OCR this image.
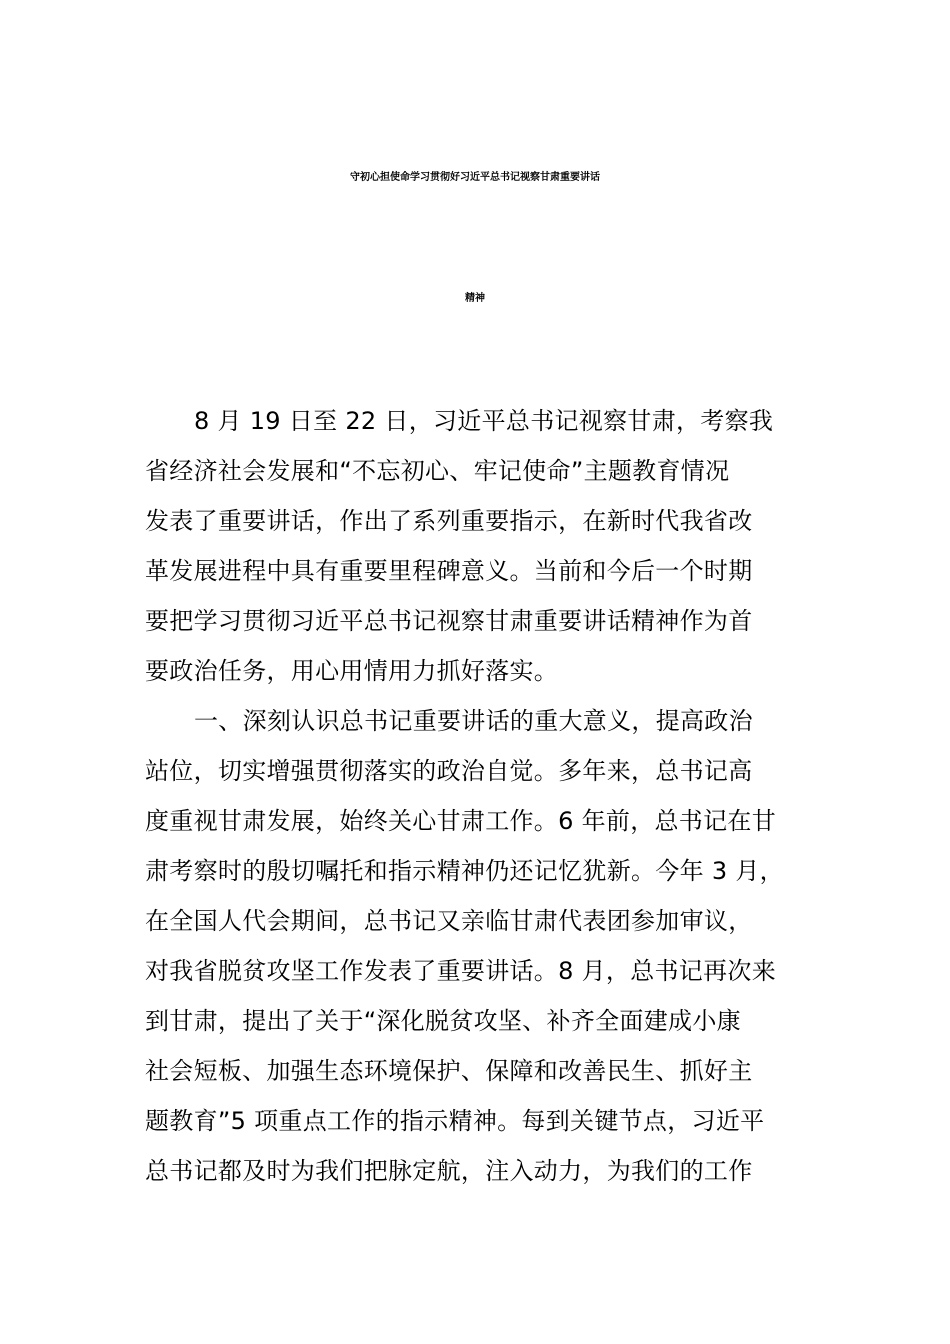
守初心担使命学习贯彻好习近平总书记视察甘肃重要讲话
精神
8 月 19 日至 22 日，习近平总书记视察甘肃，考察我
省经济社会发展和“不忘初心、牢记使命”主题教育情况
发表了重要讲话，作出了系列重要指示，在新时代我省改
革发展进程中具有重要里程碑意义。当前和今后一个时期
要把学习贯彻习近平总书记视察甘肃重要讲话精神作为首
要政治任务，用心用情用力抓好落实。
一、深刻认识总书记重要讲话的重大意义，提高政治
站位，切实增强贯彻落实的政治自觉。多年来，总书记高
度重视甘肃发展，始终关心甘肃工作。6 年前，总书记在甘
肃考察时的殷切嘱托和指示精神仍还记忆犹新。今年 3 月，
在全国人代会期间，总书记又亲临甘肃代表团参加审议，
对我省脱贫攻坚工作发表了重要讲话。8 月，总书记再次来
到甘肃，提出了关于“深化脱贫攻坚、补齐全面建成小康
社会短板、加强生态环境保护、保障和改善民生、抓好主
题教育”5 项重点工作的指示精神。每到关键节点，习近平
总书记都及时为我们把脉定航，注入动力，为我们的工作
